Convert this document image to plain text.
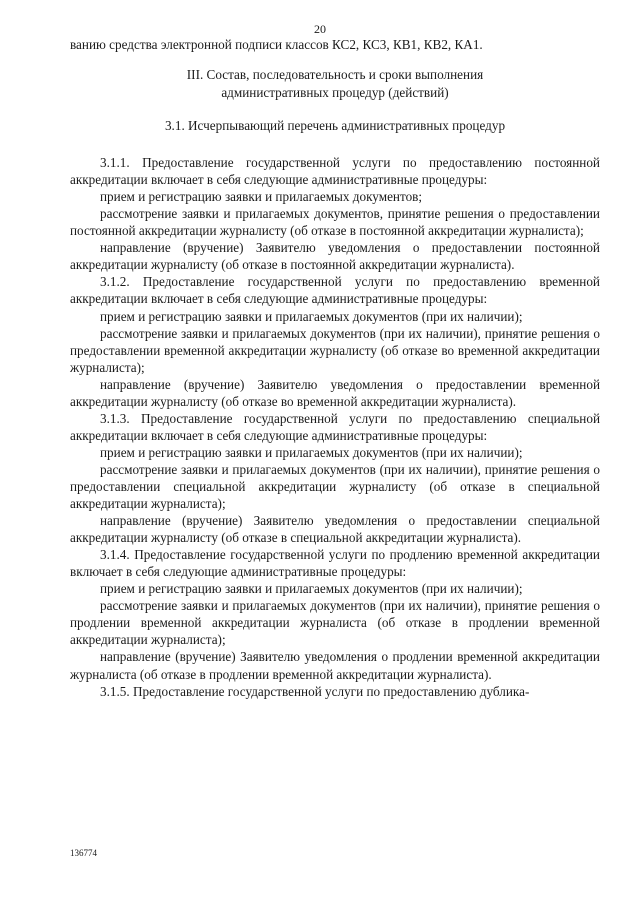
20
ванию средства электронной подписи классов КС2, КС3, КВ1, КВ2, КА1.
III. Состав, последовательность и сроки выполнения
административных процедур (действий)
3.1. Исчерпывающий перечень административных процедур

3.1.1. Предоставление государственной услуги по предоставлению постоянной аккредитации включает в себя следующие административные процедуры:

прием и регистрацию заявки и прилагаемых документов;

рассмотрение заявки и прилагаемых документов, принятие решения о предоставлении постоянной аккредитации журналисту (об отказе в постоянной аккредитации журналиста);

направление (вручение) Заявителю уведомления о предоставлении постоянной аккредитации журналисту (об отказе в постоянной аккредитации журналиста).

3.1.2. Предоставление государственной услуги по предоставлению временной аккредитации включает в себя следующие административные процедуры:

прием и регистрацию заявки и прилагаемых документов (при их наличии);

рассмотрение заявки и прилагаемых документов (при их наличии), принятие решения о предоставлении временной аккредитации журналисту (об отказе во временной аккредитации журналиста);

направление (вручение) Заявителю уведомления о предоставлении временной аккредитации журналисту (об отказе во временной аккредитации журналиста).

3.1.3. Предоставление государственной услуги по предоставлению специальной аккредитации включает в себя следующие административные процедуры:

прием и регистрацию заявки и прилагаемых документов (при их наличии);

рассмотрение заявки и прилагаемых документов (при их наличии), принятие решения о предоставлении специальной аккредитации журналисту (об отказе в специальной аккредитации журналиста);

направление (вручение) Заявителю уведомления о предоставлении специальной аккредитации журналисту (об отказе в специальной аккредитации журналиста).

3.1.4. Предоставление государственной услуги по продлению временной аккредитации включает в себя следующие административные процедуры:

прием и регистрацию заявки и прилагаемых документов (при их наличии);

рассмотрение заявки и прилагаемых документов (при их наличии), принятие решения о продлении временной аккредитации журналиста (об отказе в продлении временной аккредитации журналиста);

направление (вручение) Заявителю уведомления о продлении временной аккредитации журналиста (об отказе в продлении временной аккредитации журналиста).

3.1.5. Предоставление государственной услуги по предоставлению дублика-

136774
